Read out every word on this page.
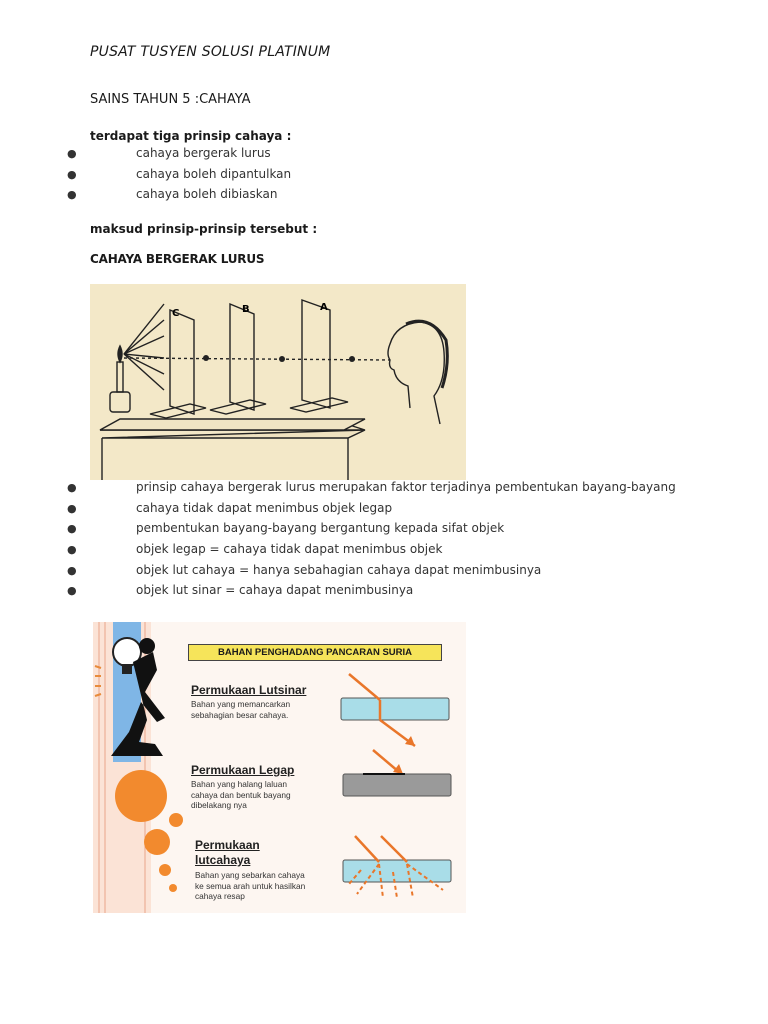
PUSAT TUSYEN SOLUSI PLATINUM
SAINS TAHUN 5 :CAHAYA
terdapat tiga prinsip cahaya :
●	cahaya bergerak lurus
●	cahaya boleh dipantulkan
●	cahaya boleh dibiaskan
maksud prinsip-prinsip tersebut :
CAHAYA BERGERAK LURUS
C	B	A
●	prinsip cahaya bergerak lurus merupakan faktor terjadinya pembentukan bayang-bayang
●	cahaya tidak dapat menimbus objek legap
●	pembentukan bayang-bayang bergantung kepada sifat objek
●	objek legap = cahaya tidak dapat menimbus objek
●	objek lut cahaya = hanya sebahagian cahaya dapat menimbusinya
●	objek lut sinar = cahaya dapat menimbusinya
BAHAN PENGHADANG PANCARAN SURIA
Permukaan Lutsinar
Bahan yang memancarkan
sebahagian besar cahaya.
Permukaan Legap
Bahan yang halang laluan
cahaya dan bentuk bayang
dibelakang nya
Permukaan
lutcahaya
Bahan yang sebarkan cahaya
ke semua arah untuk hasilkan
cahaya resap
